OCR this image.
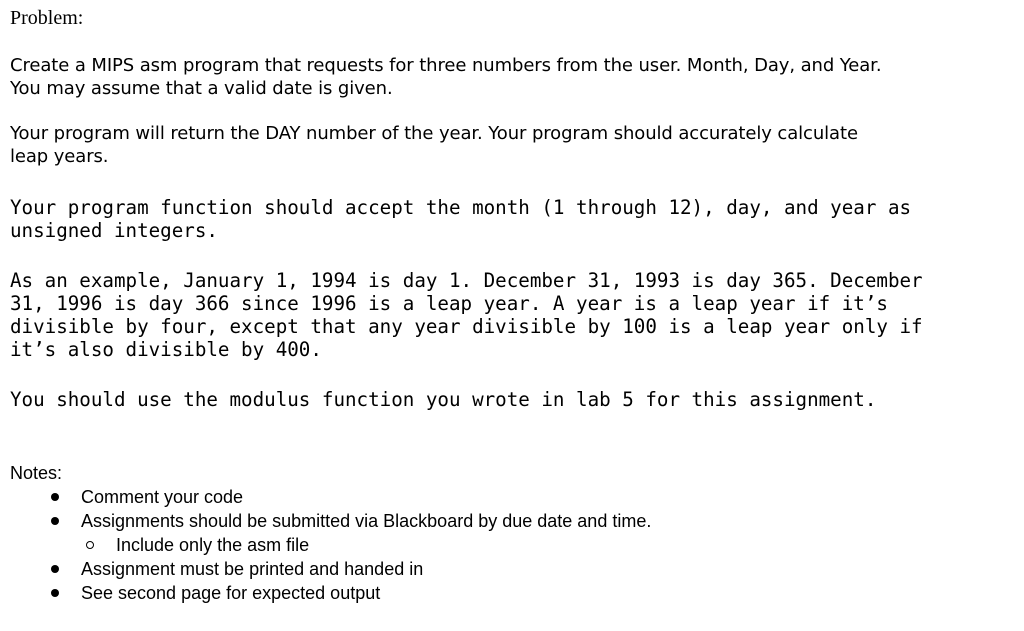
Problem:

Create a MIPS asm program that requests for three numbers from the user. Month, Day, and Year.
You may assume that a valid date is given.

Your program will return the DAY number of the year. Your program should accurately calculate
leap years.

Your program function should accept the month (1 through 12), day, and year as
unsigned integers.

As an example, January 1, 1994 is day 1. December 31, 1993 is day 365. December
31, 1996 is day 366 since 1996 is a leap year. A year is a leap year if it’s
divisible by four, except that any year divisible by 100 is a leap year only if
it’s also divisible by 400.

You should use the modulus function you wrote in lab 5 for this assignment.

Notes:
Comment your code
Assignments should be submitted via Blackboard by due date and time.
Include only the asm file
Assignment must be printed and handed in
See second page for expected output
